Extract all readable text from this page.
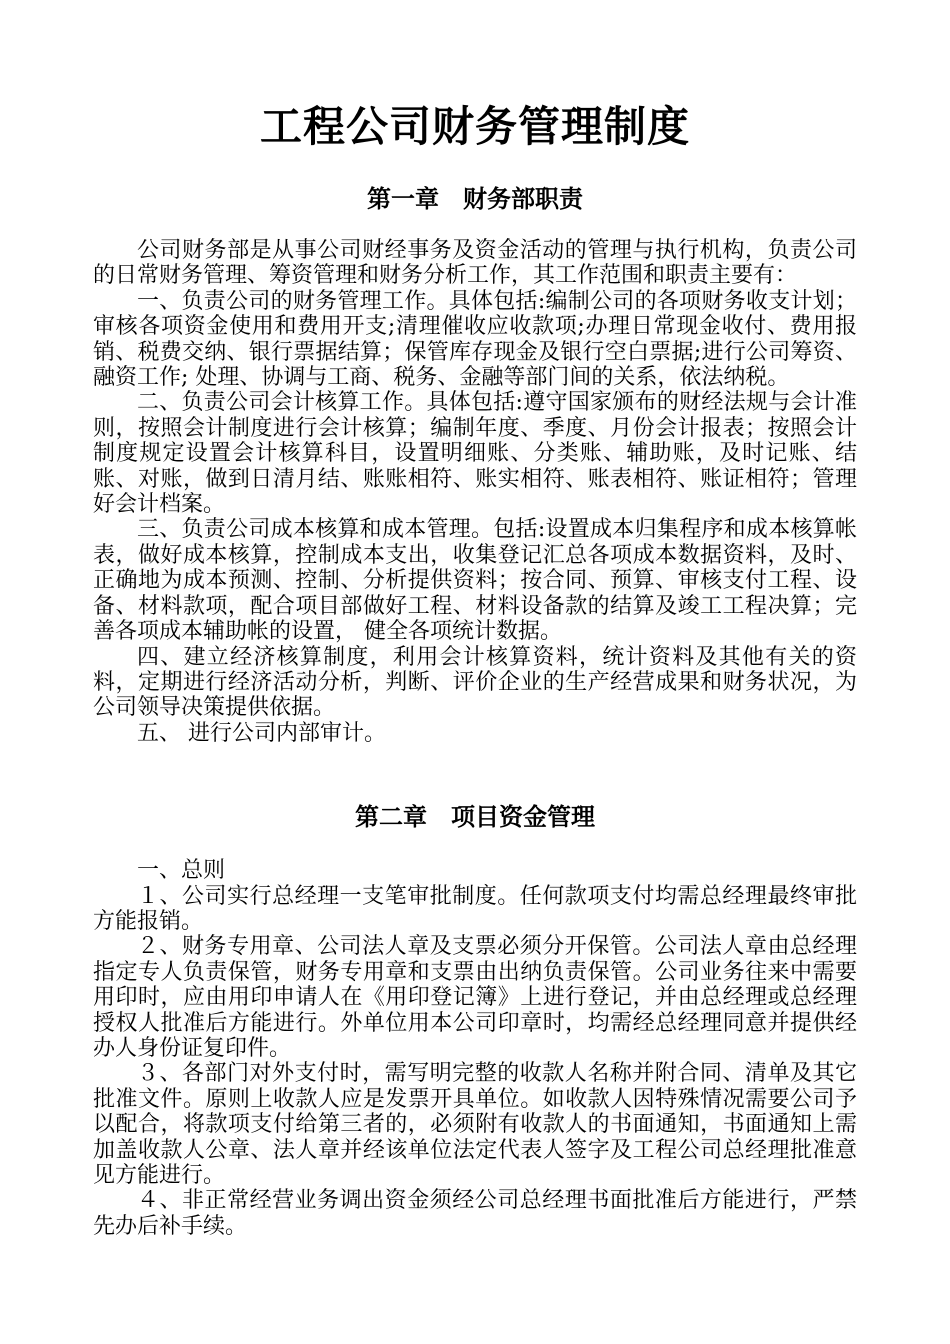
工程公司财务管理制度
第一章　财务部职责

公司财务部是从事公司财经事务及资金活动的管理与执行机构，负责公司的日常财务管理、筹资管理和财务分析工作，其工作范围和职责主要有：

一、负责公司的财务管理工作。具体包括:编制公司的各项财务收支计划；审核各项资金使用和费用开支;清理催收应收款项;办理日常现金收付、费用报销、税费交纳、银行票据结算；保管库存现金及银行空白票据;进行公司筹资、融资工作; 处理、协调与工商、税务、金融等部门间的关系，依法纳税。

二、负责公司会计核算工作。具体包括:遵守国家颁布的财经法规与会计准则，按照会计制度进行会计核算；编制年度、季度、月份会计报表；按照会计制度规定设置会计核算科目，设置明细账、分类账、辅助账，及时记账、结账、对账，做到日清月结、账账相符、账实相符、账表相符、账证相符；管理好会计档案。

三、负责公司成本核算和成本管理。包括:设置成本归集程序和成本核算帐表，做好成本核算，控制成本支出，收集登记汇总各项成本数据资料，及时、正确地为成本预测、控制、分析提供资料；按合同、预算、审核支付工程、设备、材料款项，配合项目部做好工程、材料设备款的结算及竣工工程决算；完善各项成本辅助帐的设置， 健全各项统计数据。

四、建立经济核算制度，利用会计核算资料，统计资料及其他有关的资料，定期进行经济活动分析，判断、评价企业的生产经营成果和财务状况，为公司领导决策提供依据。

五、 进行公司内部审计。

第二章　项目资金管理

一、总则

１、公司实行总经理一支笔审批制度。任何款项支付均需总经理最终审批方能报销。

２、财务专用章、公司法人章及支票必须分开保管。公司法人章由总经理指定专人负责保管，财务专用章和支票由出纳负责保管。公司业务往来中需要用印时，应由用印申请人在《用印登记簿》上进行登记，并由总经理或总经理授权人批准后方能进行。外单位用本公司印章时，均需经总经理同意并提供经办人身份证复印件。

３、各部门对外支付时，需写明完整的收款人名称并附合同、清单及其它批准文件。原则上收款人应是发票开具单位。如收款人因特殊情况需要公司予以配合，将款项支付给第三者的，必须附有收款人的书面通知，书面通知上需加盖收款人公章、法人章并经该单位法定代表人签字及工程公司总经理批准意见方能进行。

４、非正常经营业务调出资金须经公司总经理书面批准后方能进行，严禁先办后补手续。
